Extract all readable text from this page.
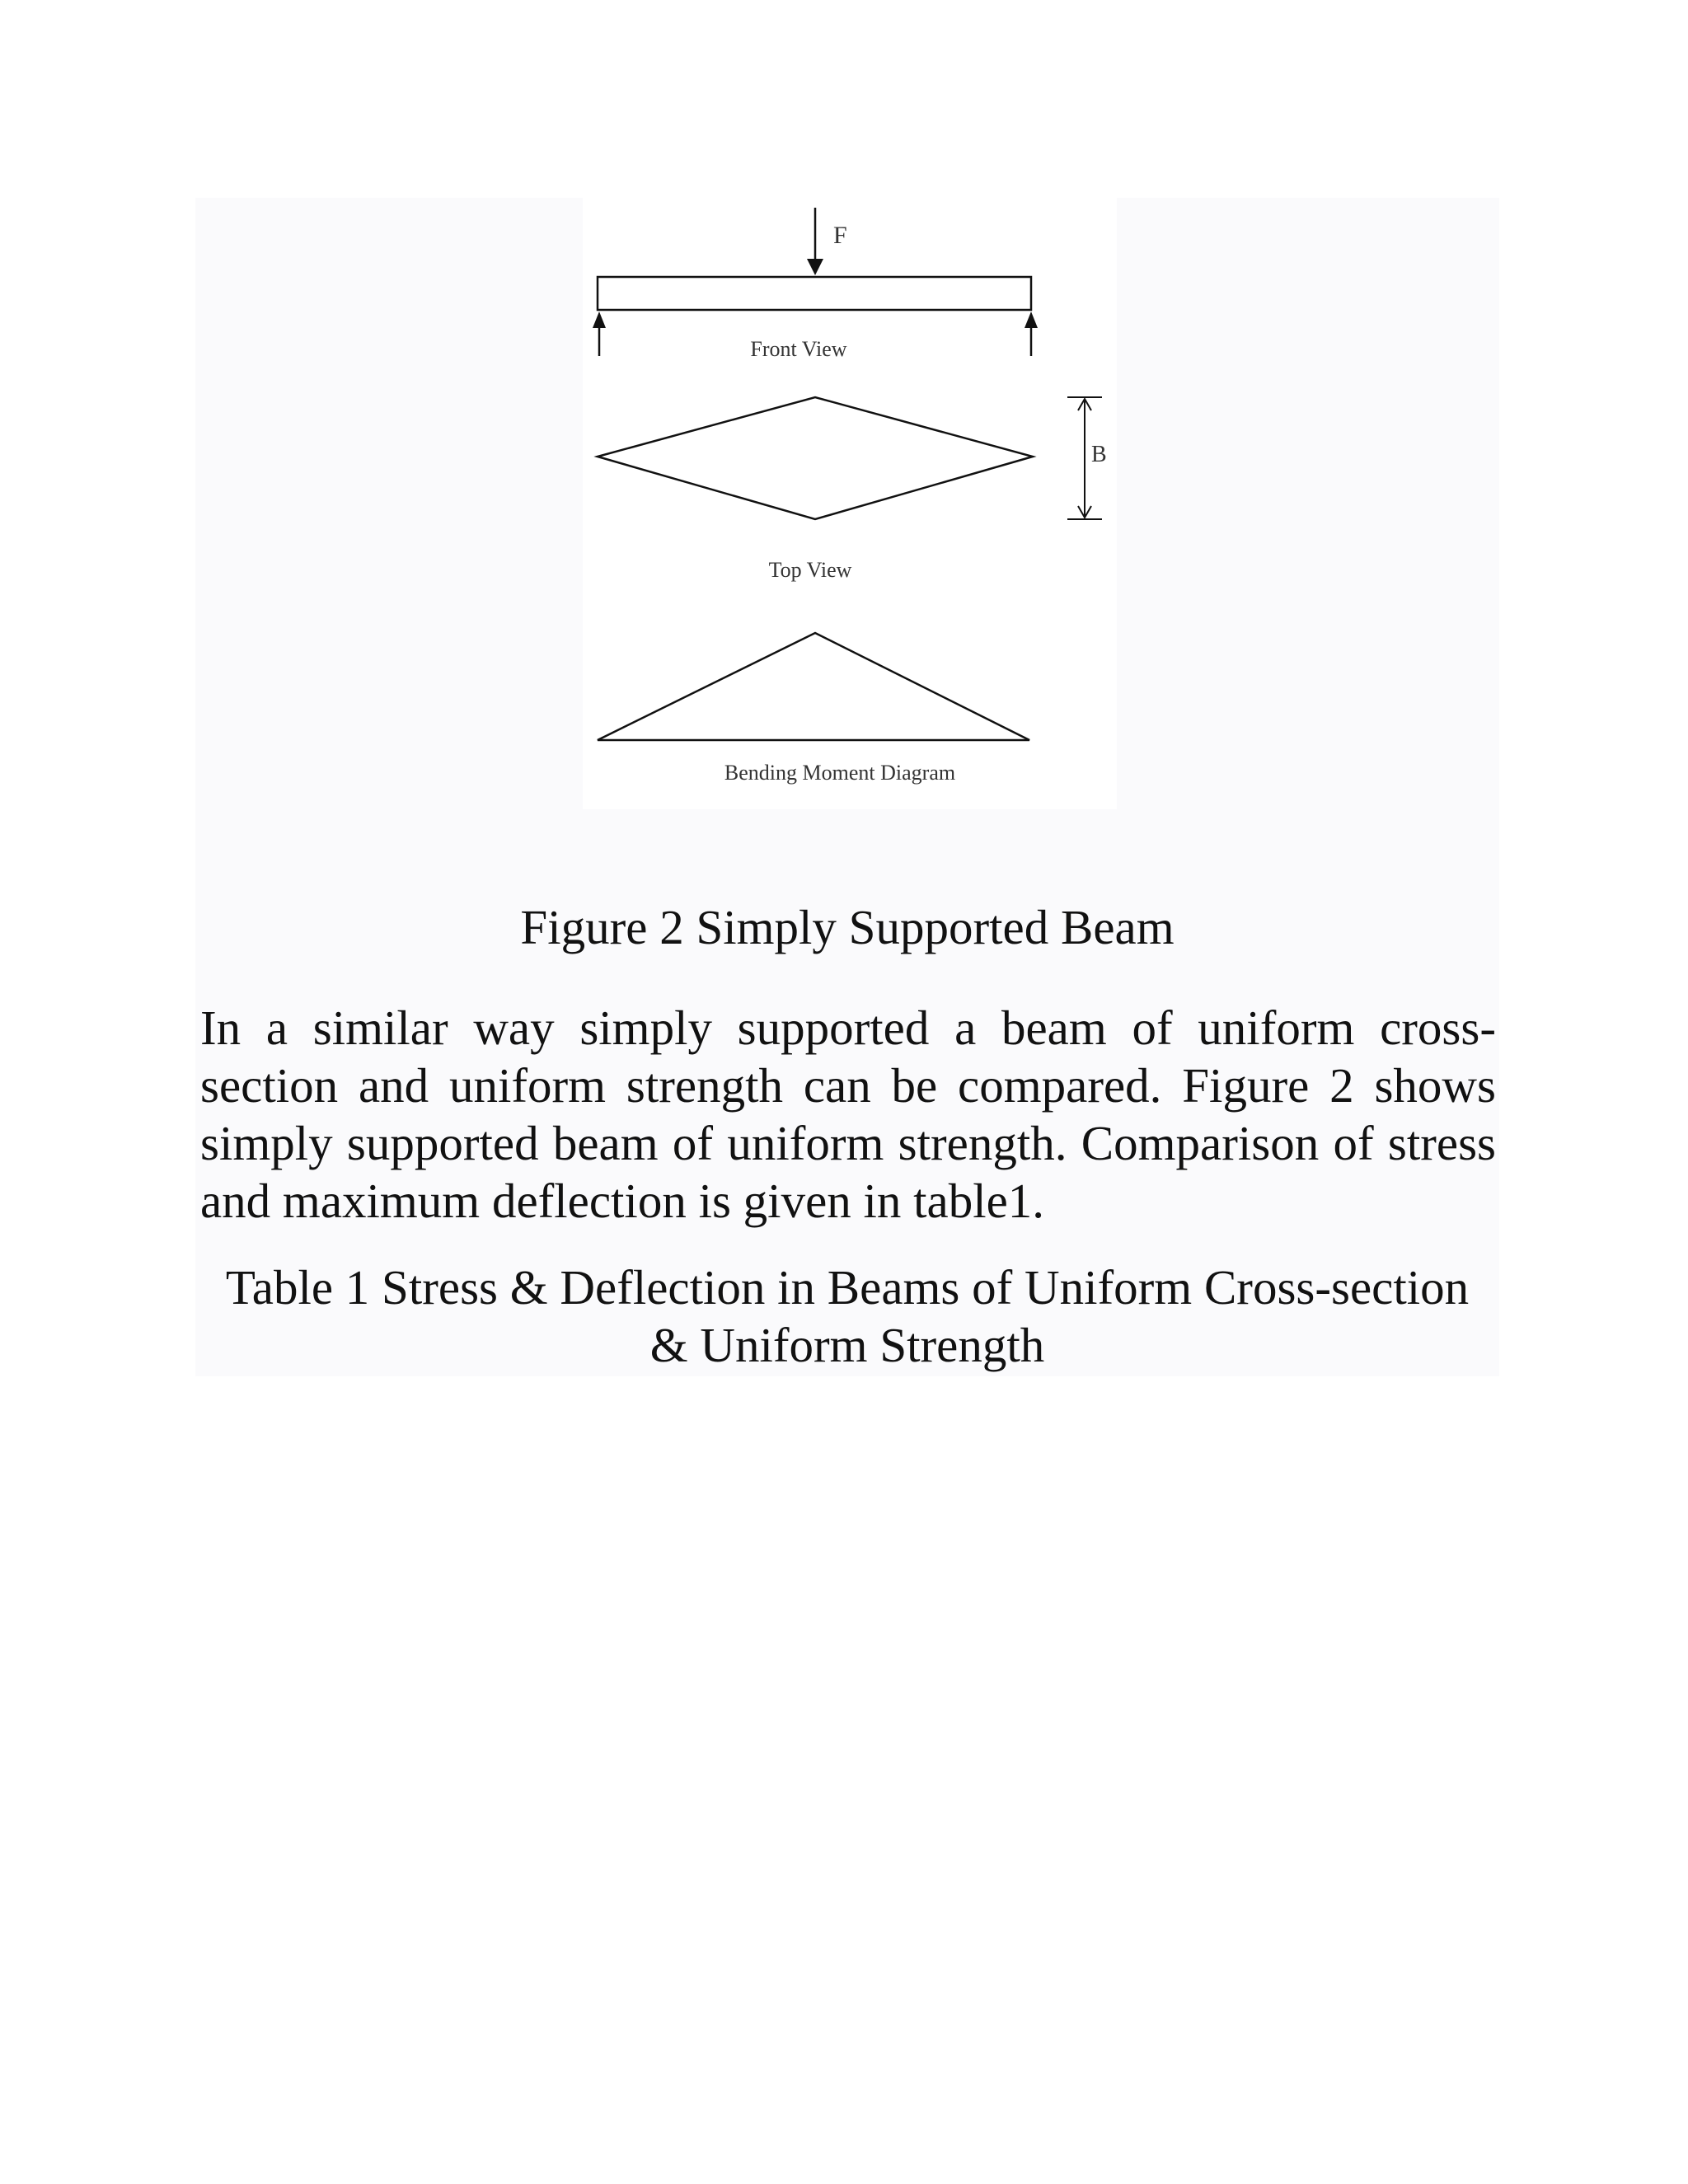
F
Front View
B
Top View
Bending Moment Diagram

Figure 2 Simply Supported Beam

In a similar way simply supported a beam of uniform cross-section and uniform strength can be compared. Figure 2 shows simply supported beam of uniform strength. Comparison of stress and maximum deflection is given in table1.

Table 1 Stress & Deflection in Beams of Uniform Cross-section
& Uniform Strength
